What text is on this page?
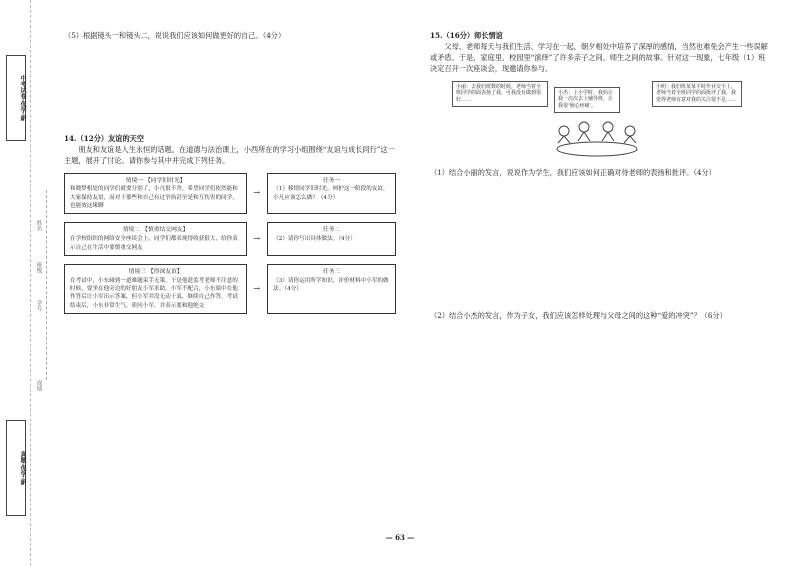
中考试卷·优学·新
真题·优学·新
姓名
班级
学号
成绩

（5）根据镜头一和镜头二，说说我们应该如何做更好的自己。（4分）

14.（12分）友谊的天空

朋友和友谊是人生永恒的话题，在道德与法治课上，小西所在的学习小组围绕“友谊与成长同行”这一主题，展开了讨论。请你参与其中并完成下列任务。

情境一 【同学旧时光】
和晓梦相处的同学们就要分别了，小凡很不舍。希望同学们依然能和大家保持友谊，而对于那些和自己有过争执甚至是和互伤害的同学，也能放这缘聊
→
任务一
（1）移情同学旧时光，呵护这一阶段的友谊，小凡应该怎么做？（4分）
情境二 【慎重结交网友】
在学校组织的网络安全座谈会上，同学们都表现得收获很大，给你表示自己在生活中要慎重交网友
→
任务二
（2）请你写出具体做法。（4分）
情境三 【得深友谊】
在考试中，小东碰到一道难题束手无策，于是他趁监考老师不注意的时候，要坐在他旁边的好朋友小军求助，小军不配合，小东暗中在他作答后让小军出示答案，但小军并没无动于衷，继续自己作答。考试结束后，小东非常生气，质问小军，并表示要和他绝交
→
任务三
（3）请你运用所学知识，评价材料中小军的做法。（4分）

15.（16分）师长情谊

父母、老师每天与我们生活、学习在一起，朝夕相处中培养了深厚的感情，当然也难免会产生一些误解或矛盾。于是，家庭里、校园里“演绎”了许多亲子之间、师生之间的故事。针对这一现象，七年级（1）班决定召开一次座谈会，现邀请你参与。

小丽：去我们班数的时候，老师当着全班同学的面表扬了我，可我没有做到很好……
小杰：上小学时，我妈让我一次次去上辅导班，让我很‘恼心疼痛’。
小明：我们班某某平时作业交不上，老师当着全班同学的面批评了我，我觉得老师有意对我的关注很不足……

（1）结合小丽的发言，说说作为学生，我们应该如何正确对待老师的表扬和批评。（4分）

（2）结合小杰的发言，作为子女，我们应该怎样处理与父母之间的这种“爱的冲突”？（6分）

— 63 —
